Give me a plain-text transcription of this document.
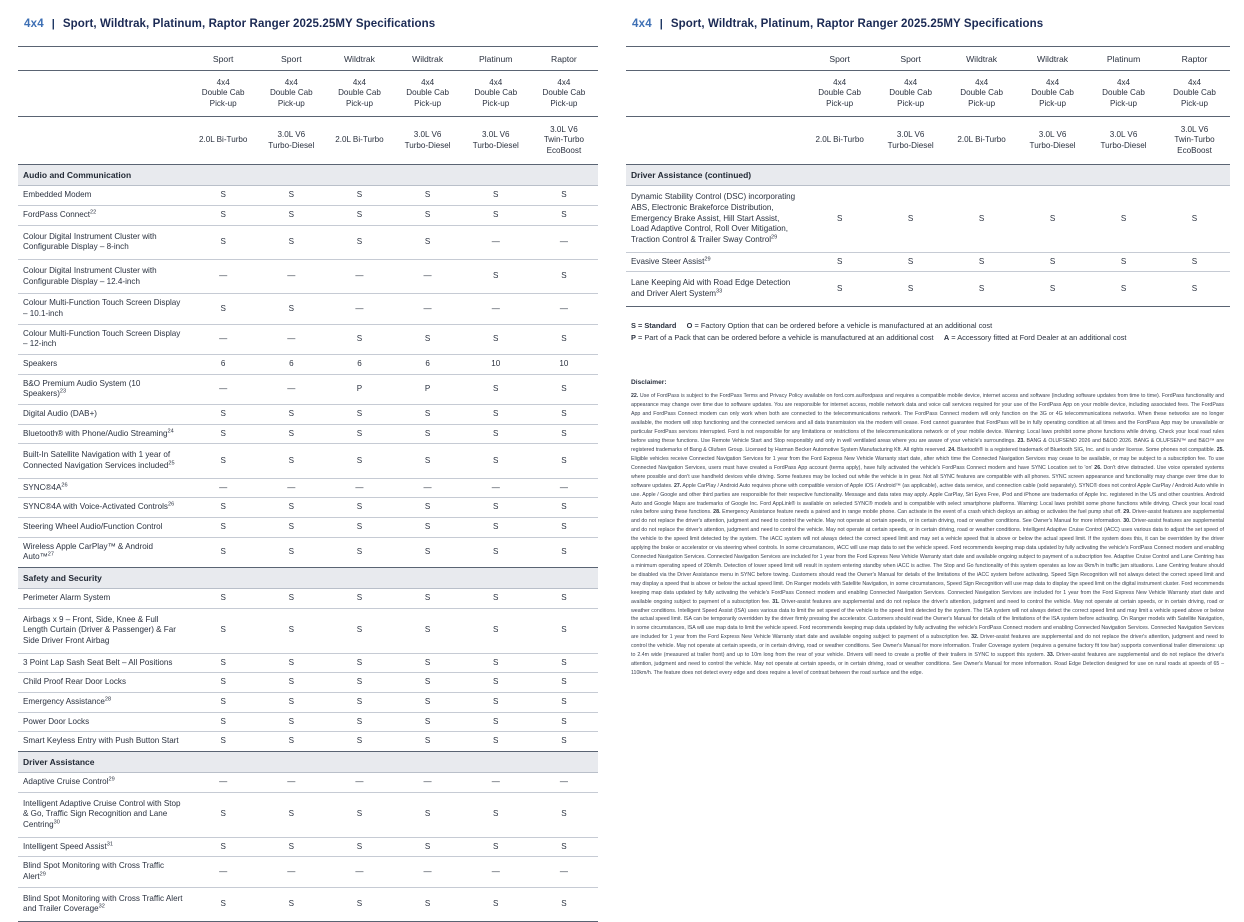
4x4 | Sport, Wildtrak, Platinum, Raptor Ranger 2025.25MY Specifications
	Sport	Sport	Wildtrak	Wildtrak	Platinum	Raptor
	4x4
Double Cab
Pick-up	4x4
Double Cab
Pick-up	4x4
Double Cab
Pick-up	4x4
Double Cab
Pick-up	4x4
Double Cab
Pick-up	4x4
Double Cab
Pick-up
	2.0L Bi-Turbo	3.0L V6
Turbo-Diesel	2.0L Bi-Turbo	3.0L V6
Turbo-Diesel	3.0L V6
Turbo-Diesel	3.0L V6
Twin-Turbo
EcoBoost
Audio and Communication						
Embedded Modem	S	S	S	S	S	S
FordPass Connect$^{22}$	S	S	S	S	S	S
Colour Digital Instrument Cluster with Configurable Display – 8-inch	S	S	S	S	—	—
Colour Digital Instrument Cluster with Configurable Display – 12.4-inch	—	—	—	—	S	S
Colour Multi-Function Touch Screen Display – 10.1-inch	S	S	—	—	—	—
Colour Multi-Function Touch Screen Display – 12-inch	—	—	S	S	S	S
Speakers	6	6	6	6	10	10
B&O Premium Audio System (10 Speakers)$^{23}$	—	—	P	P	S	S
Digital Audio (DAB+)	S	S	S	S	S	S
Bluetooth® with Phone/Audio Streaming$^{24}$	S	S	S	S	S	S
Built-In Satellite Navigation with 1 year of Connected Navigation Services included$^{25}$	S	S	S	S	S	S
$SYNC®4A^{26}$	—	—	—	—	—	—
SYNC®4A with Voice-Activated Controls$^{26}$	S	S	S	S	S	S
Steering Wheel Audio/Function Control	S	S	S	S	S	S
Wireless Apple CarPlay™ & Android Auto™$^{27}$	S	S	S	S	S	S
Safety and Security						
Perimeter Alarm System	S	S	S	S	S	S
Airbags x 9 – Front, Side, Knee & Full Length Curtain (Driver & Passenger) & Far Side Driver Front Airbag	S	S	S	S	S	S
3 Point Lap Sash Seat Belt – All Positions	S	S	S	S	S	S
Child Proof Rear Door Locks	S	S	S	S	S	S
Emergency Assistance$^{28}$	S	S	S	S	S	S
Power Door Locks	S	S	S	S	S	S
Smart Keyless Entry with Push Button Start	S	S	S	S	S	S
Driver Assistance						
Adaptive Cruise Control$^{29}$	—	—	—	—	—	—
Intelligent Adaptive Cruise Control with Stop & Go, Traffic Sign Recognition and Lane Centring$^{30}$	S	S	S	S	S	S
Intelligent Speed Assist$^{31}$	S	S	S	S	S	S
Blind Spot Monitoring with Cross Traffic Alert$^{29}$	—	—	—	—	—	—
Blind Spot Monitoring with Cross Traffic Alert and Trailer Coverage$^{32}$	S	S	S	S	S	S
4x4 | Sport, Wildtrak, Platinum, Raptor Ranger 2025.25MY Specifications
	Sport	Sport	Wildtrak	Wildtrak	Platinum	Raptor
	4x4
Double Cab
Pick-up	4x4
Double Cab
Pick-up	4x4
Double Cab
Pick-up	4x4
Double Cab
Pick-up	4x4
Double Cab
Pick-up	4x4
Double Cab
Pick-up
	2.0L Bi-Turbo	3.0L V6
Turbo-Diesel	2.0L Bi-Turbo	3.0L V6
Turbo-Diesel	3.0L V6
Turbo-Diesel	3.0L V6
Twin-Turbo
EcoBoost
Driver Assistance (continued)						
Dynamic Stability Control (DSC) incorporating ABS, Electronic Brakeforce Distribution, Emergency Brake Assist, Hill Start Assist, Load Adaptive Control, Roll Over Mitigation, Traction Control & Trailer Sway Control$^{29}$	S	S	S	S	S	S
Evasive Steer Assist$^{29}$	S	S	S	S	S	S
Lane Keeping Aid with Road Edge Detection and Driver Alert System$^{33}$	S	S	S	S	S	S
S = Standard O = Factory Option that can be ordered before a vehicle is manufactured at an additional cost
P = Part of a Pack that can be ordered before a vehicle is manufactured at an additional cost A = Accessory fitted at Ford Dealer at an additional cost
Disclaimer:

22. Use of FordPass is subject to the FordPass Terms and Privacy Policy available on ford.com.au/fordpass and requires a compatible mobile device, internet access and software (including software updates from time to time). FordPass functionality and appearance may change over time due to software updates. You are responsible for internet access, mobile network data and voice call services required for your use of the FordPass App on your mobile device, including associated fees. The FordPass App and FordPass Connect modem can only work when both are connected to the telecommunications network. The FordPass Connect modem will only function on the 3G or 4G telecommunications networks. When these networks are no longer available, the modem will stop functioning and the connected services and all data transmission via the modem will cease. Ford cannot guarantee that FordPass will be in fully operating condition at all times and the FordPass App may be unavailable or particular FordPass services interrupted. Ford is not responsible for any limitations or restrictions of the telecommunications network or of your mobile device. Warning: Local laws prohibit some phone functions while driving. Check your local road rules before using these functions. Use Remote Vehicle Start and Stop responsibly and only in well ventilated areas where you are aware of your vehicle's surroundings. 23. BANG & OLUFSEND 2026 and B&OD 2026. BANG & OLUFSEN™ and B&O™ are registered trademarks of Bang & Olufsen Group. Licensed by Harman Becker Automotive System Manufacturing Kft. All rights reserved. 24. Bluetooth® is a registered trademark of Bluetooth SIG, Inc. and is under license. Some phones not compatible. 25. Eligible vehicles receive Connected Navigation Services for 1 year from the Ford Express New Vehicle Warranty start date, after which time the Connected Navigation Services may cease to be available, or may be subject to a subscription fee. To use Connected Navigation Services, users must have created a FordPass App account (terms apply), have fully activated the vehicle's FordPass Connect modem and have SYNC Location set to 'on' 26. Don't drive distracted. Use voice operated systems where possible and don't use handheld devices while driving. Some features may be locked out while the vehicle is in gear. Not all SYNC features are compatible with all phones. SYNC screen appearance and functionality may change over time due to software updates. 27. Apple CarPlay / Android Auto requires phone with compatible version of Apple iOS / Android™ (as applicable), active data service, and connection cable (sold separately). SYNC® does not control Apple CarPlay / Android Auto while in use. Apple / Google and other third parties are responsible for their respective functionality. Message and data rates may apply. Apple CarPlay, Siri Eyes Free, iPod and iPhone are trademarks of Apple Inc. registered in the US and other countries. Android Auto and Google Maps are trademarks of Google Inc. Ford AppLink® is available on selected SYNC® models and is compatible with select smartphone platforms. Warning: Local laws prohibit some phone functions while driving. Check your local road rules before using these functions. 28. Emergency Assistance feature needs a paired and in range mobile phone. Can activate in the event of a crash which deploys an airbag or activates the fuel pump shut off. 29. Driver-assist features are supplemental and do not replace the driver's attention, judgment and need to control the vehicle. May not operate at certain speeds, or in certain driving, road or weather conditions. See Owner's Manual for more information. 30. Driver-assist features are supplemental and do not replace the driver's attention, judgment and need to control the vehicle. May not operate at certain speeds, or in certain driving, road or weather conditions. Intelligent Adaptive Cruise Control (iACC) uses various data to adjust the set speed of the vehicle to the speed limit detected by the system. The iACC system will not always detect the correct speed limit and may set a vehicle speed that is above or below the actual speed limit. If the system does this, it can be overridden by the driver applying the brake or accelerator or via steering wheel controls. In some circumstances, iACC will use map data to set the vehicle speed. Ford recommends keeping map data updated by fully activating the vehicle's FordPass Connect modem and enabling Connected Navigation Services. Connected Navigation Services are included for 1 year from the Ford Express New Vehicle Warranty start date and available ongoing subject to payment of a subscription fee. Adaptive Cruise Control and Lane Centring has a minimum operating speed of 20km/h. Detection of lower speed limit will result in system entering standby when iACC is active. The Stop and Go functionality of this system operates as low as 0km/h in traffic jam situations. Lane Centring feature should be disabled via the Driver Assistance menu in SYNC before towing. Customers should read the Owner's Manual for details of the limitations of the iACC system before activating. Speed Sign Recognition will not always detect the correct speed limit and may display a speed that is above or below the actual speed limit. On Ranger models with Satellite Navigation, in some circumstances, Speed Sign Recognition will use map data to display the speed limit on the digital instrument cluster. Ford recommends keeping map data updated by fully activating the vehicle's FordPass Connect modem and enabling Connected Navigation Services. Connected Navigation Services are included for 1 year from the Ford Express New Vehicle Warranty start date and available ongoing subject to payment of a subscription fee. 31. Driver-assist features are supplemental and do not replace the driver's attention, judgment and need to control the vehicle. May not operate at certain speeds, or in certain driving, road or weather conditions. Intelligent Speed Assist (ISA) uses various data to limit the set speed of the vehicle to the speed limit detected by the system. The ISA system will not always detect the correct speed limit and may limit a vehicle speed above or below the actual speed limit. ISA can be temporarily overridden by the driver firmly pressing the accelerator. Customers should read the Owner's Manual for details of the limitations of the ISA system before activating. On Ranger models with Satellite Navigation, in some circumstances, ISA will use map data to limit the vehicle speed. Ford recommends keeping map data updated by fully activating the vehicle's FordPass Connect modem and enabling Connected Navigation Services. Connected Navigation Services are included for 1 year from the Ford Express New Vehicle Warranty start date and available ongoing subject to payment of a subscription fee. 32. Driver-assist features are supplemental and do not replace the driver's attention, judgment and need to control the vehicle. May not operate at certain speeds, or in certain driving, road or weather conditions. See Owner's Manual for more information. Trailer Coverage system (requires a genuine factory fit tow bar) supports conventional trailer dimensions: up to 2.4m wide (measured at trailer front) and up to 10m long from the rear of your vehicle. Drivers will need to create a profile of their trailers in SYNC to support this system. 33. Driver-assist features are supplemental and do not replace the driver's attention, judgment and need to control the vehicle. May not operate at certain speeds, or in certain driving, road or weather conditions. See Owner's Manual for more information. Road Edge Detection designed for use on rural roads at speeds of 65 – 110km/h. The feature does not detect every edge and does require a level of contrast between the road surface and the edge.
